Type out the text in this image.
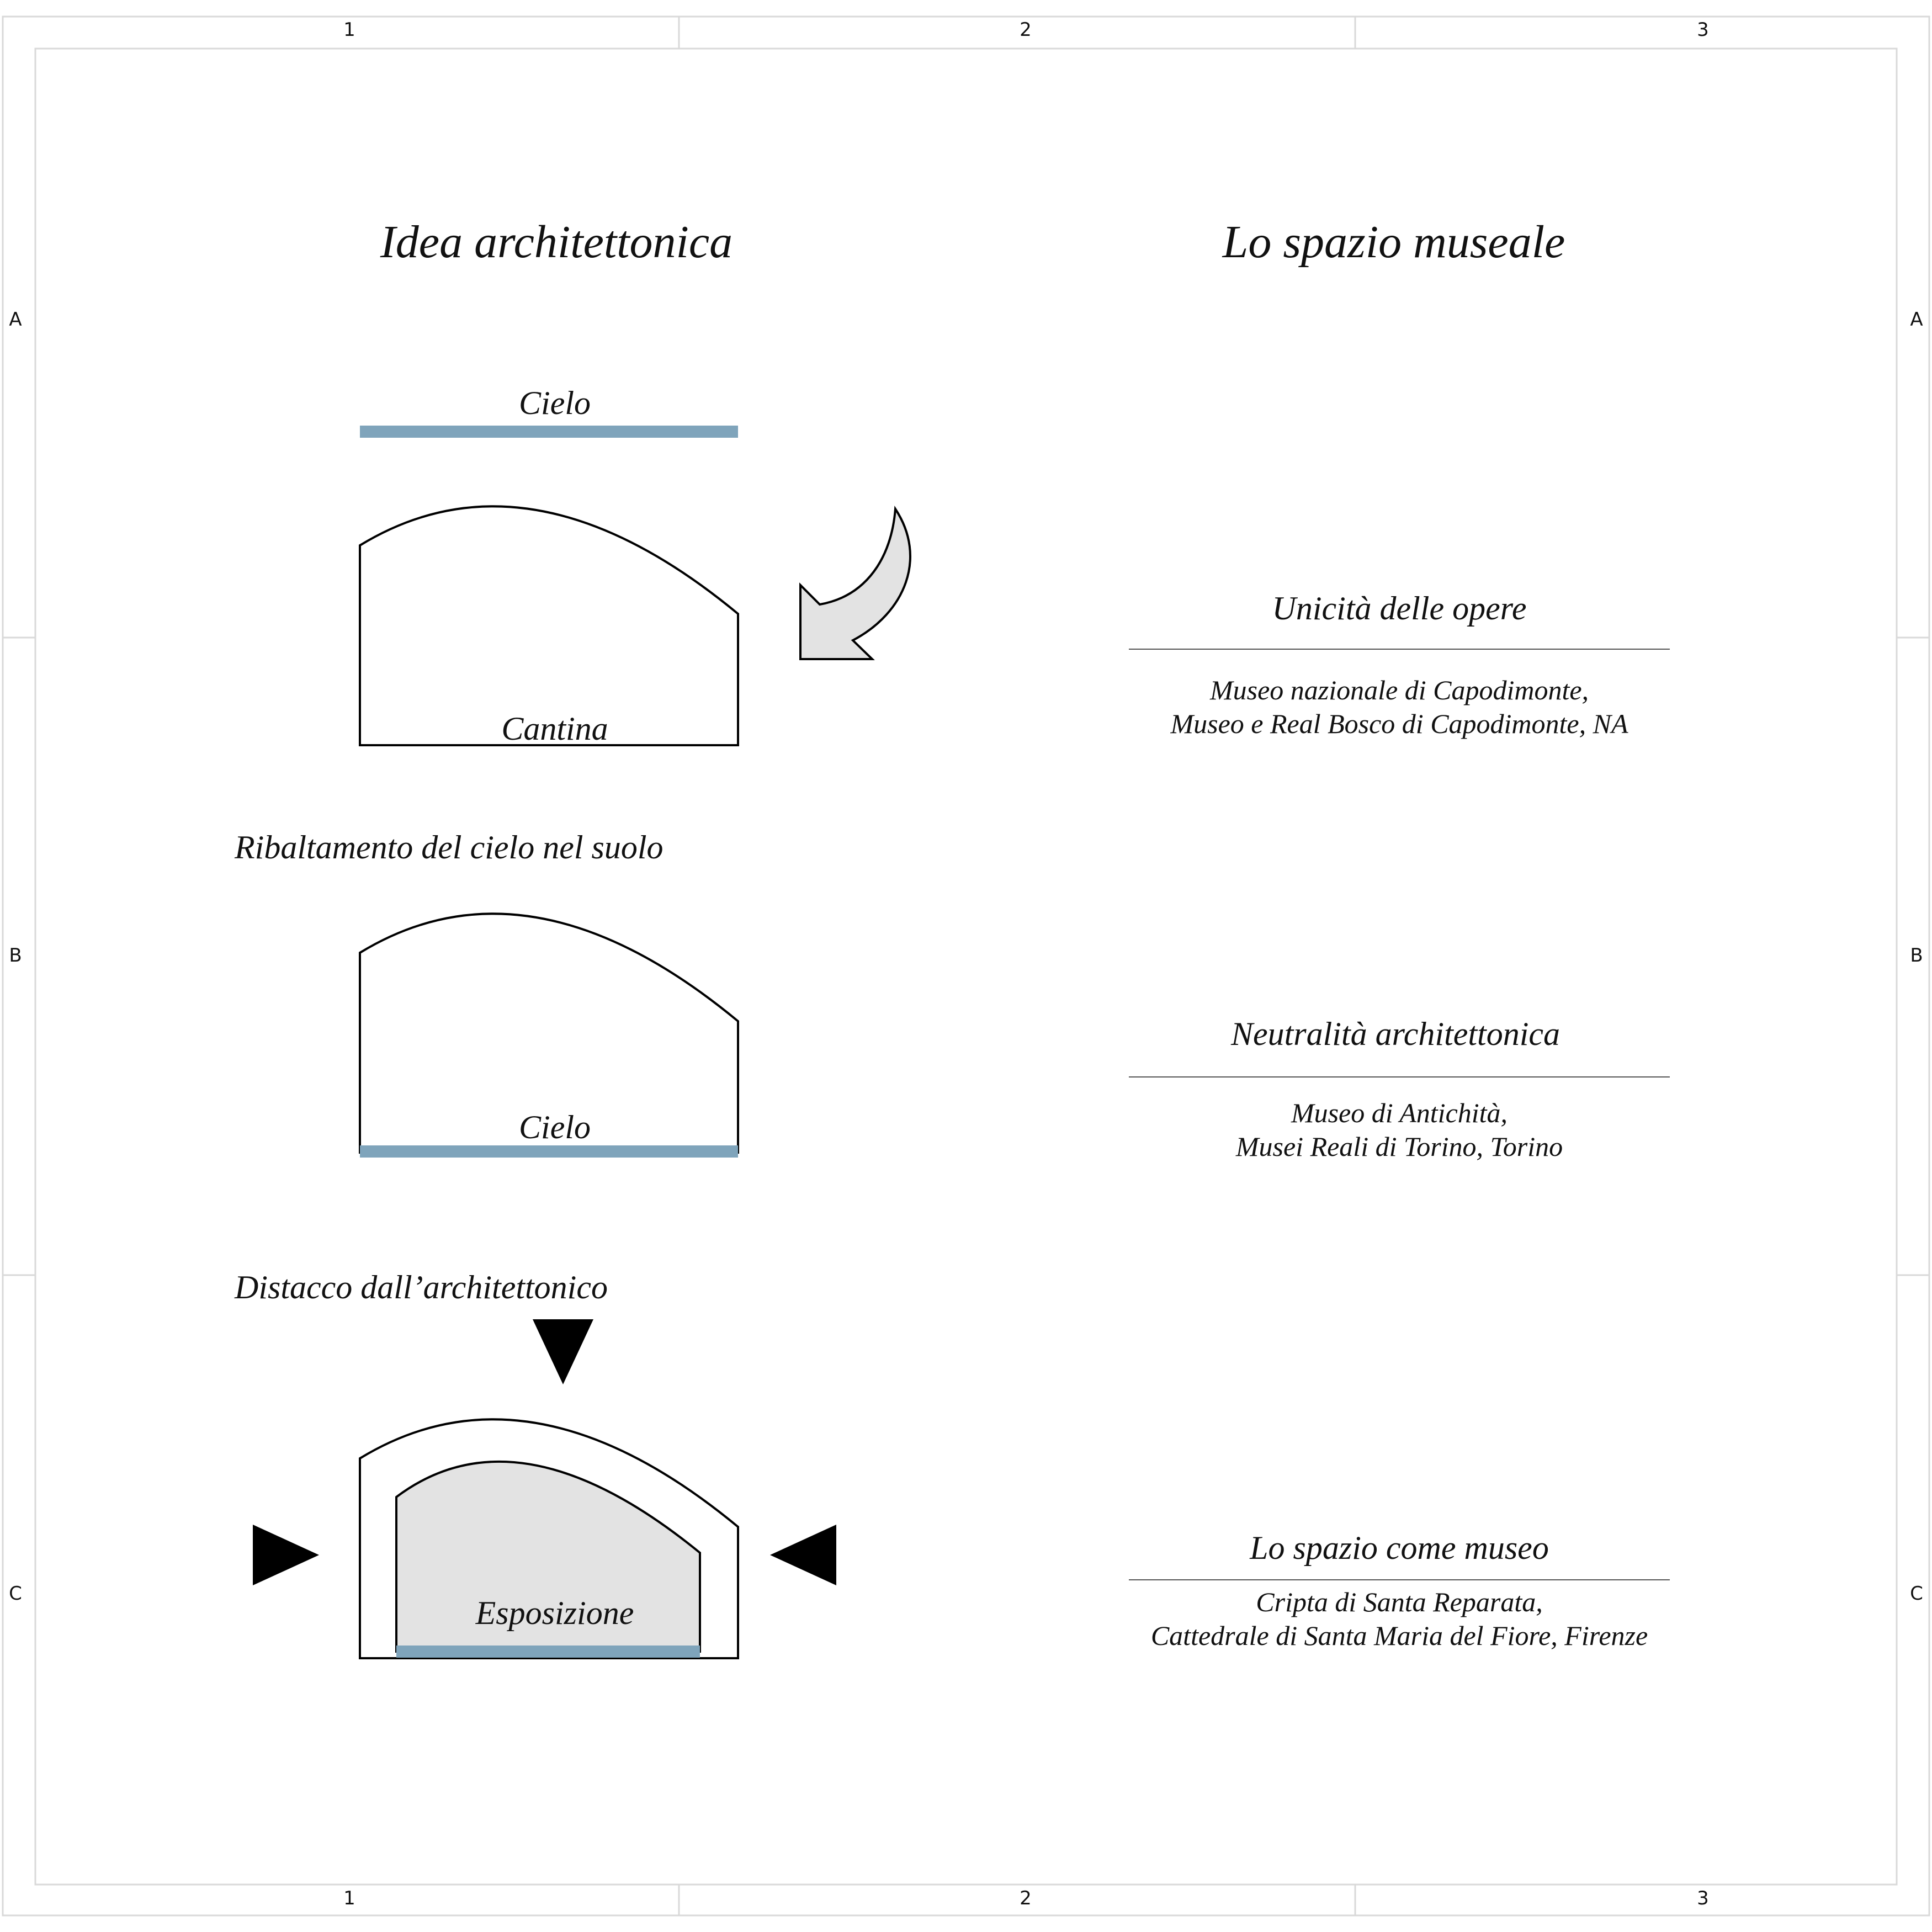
1	2	3
1	2	3
A
B
C
A
B
C
Idea architettonica	Lo spazio museale
Cielo
Cantina
Ribaltamento del cielo nel suolo
Cielo
Distacco dall’architettonico
Esposizione
Unicità delle opere
Museo nazionale di Capodimonte,
Museo e Real Bosco di Capodimonte, NA
Neutralità architettonica
Museo di Antichità,
Musei Reali di Torino, Torino
Lo spazio come museo
Cripta di Santa Reparata,
Cattedrale di Santa Maria del Fiore, Firenze
